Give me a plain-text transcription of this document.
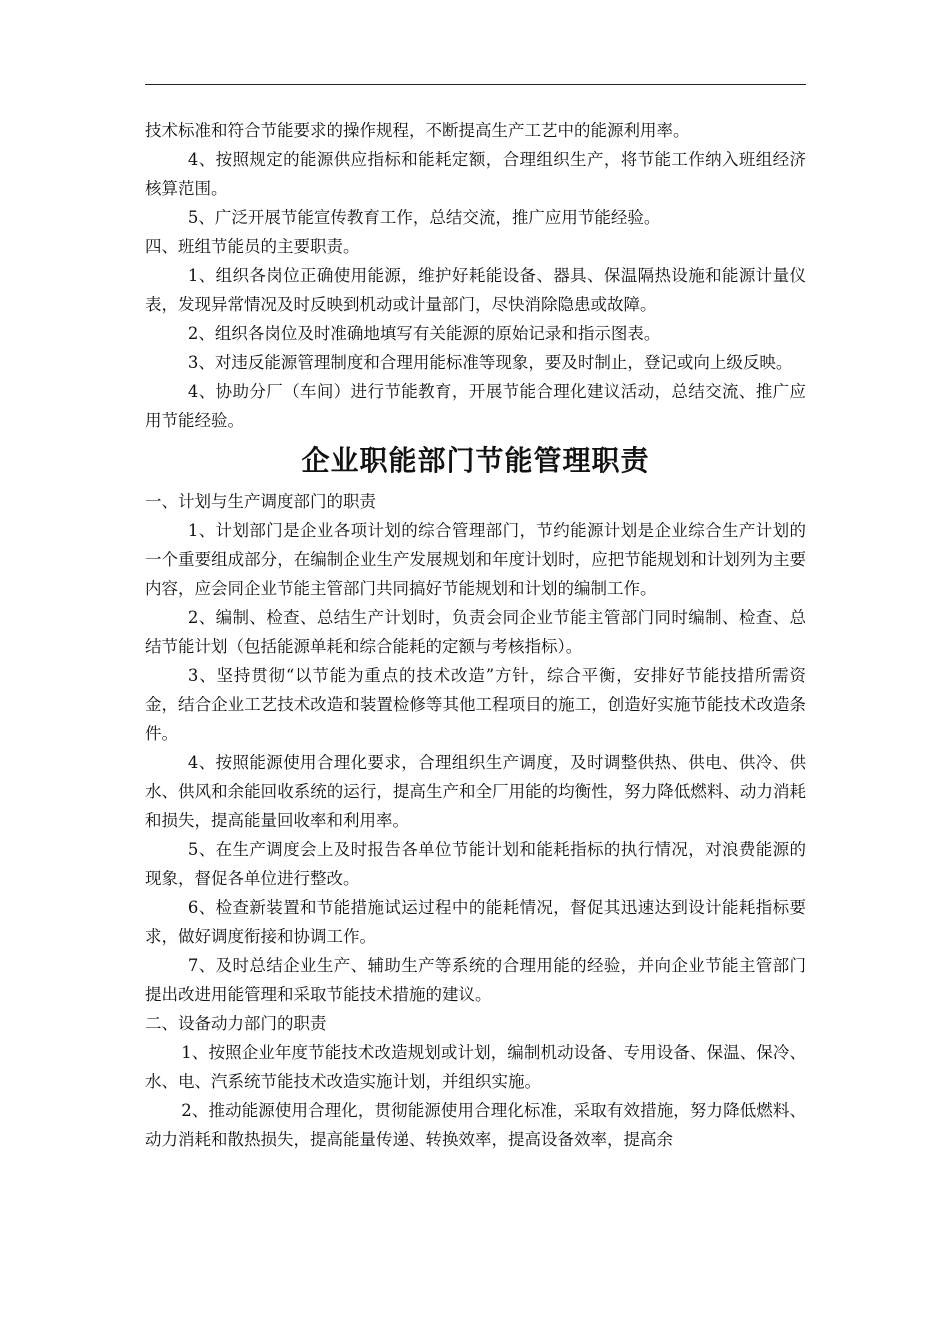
技术标准和符合节能要求的操作规程，不断提高生产工艺中的能源利用率。

4、按照规定的能源供应指标和能耗定额，合理组织生产，将节能工作纳入班组经济核算范围。

5、广泛开展节能宣传教育工作，总结交流，推广应用节能经验。

四、班组节能员的主要职责。

1、组织各岗位正确使用能源，维护好耗能设备、器具、保温隔热设施和能源计量仪表，发现异常情况及时反映到机动或计量部门，尽快消除隐患或故障。

2、组织各岗位及时准确地填写有关能源的原始记录和指示图表。

3、对违反能源管理制度和合理用能标准等现象，要及时制止，登记或向上级反映。

4、协助分厂（车间）进行节能教育，开展节能合理化建议活动，总结交流、推广应用节能经验。

企业职能部门节能管理职责

一、计划与生产调度部门的职责

1、计划部门是企业各项计划的综合管理部门，节约能源计划是企业综合生产计划的一个重要组成部分，在编制企业生产发展规划和年度计划时，应把节能规划和计划列为主要内容，应会同企业节能主管部门共同搞好节能规划和计划的编制工作。

2、编制、检查、总结生产计划时，负责会同企业节能主管部门同时编制、检查、总结节能计划（包括能源单耗和综合能耗的定额与考核指标）。

3、坚持贯彻“以节能为重点的技术改造”方针，综合平衡，安排好节能技措所需资金，结合企业工艺技术改造和装置检修等其他工程项目的施工，创造好实施节能技术改造条件。

4、按照能源使用合理化要求，合理组织生产调度，及时调整供热、供电、供冷、供水、供风和余能回收系统的运行，提高生产和全厂用能的均衡性，努力降低燃料、动力消耗和损失，提高能量回收率和利用率。

5、在生产调度会上及时报告各单位节能计划和能耗指标的执行情况，对浪费能源的现象，督促各单位进行整改。

6、检查新装置和节能措施试运过程中的能耗情况，督促其迅速达到设计能耗指标要求，做好调度衔接和协调工作。

7、及时总结企业生产、辅助生产等系统的合理用能的经验，并向企业节能主管部门提出改进用能管理和采取节能技术措施的建议。

二、设备动力部门的职责

1、按照企业年度节能技术改造规划或计划，编制机动设备、专用设备、保温、保冷、水、电、汽系统节能技术改造实施计划，并组织实施。

2、推动能源使用合理化，贯彻能源使用合理化标准，采取有效措施，努力降低燃料、动力消耗和散热损失，提高能量传递、转换效率，提高设备效率，提高余
